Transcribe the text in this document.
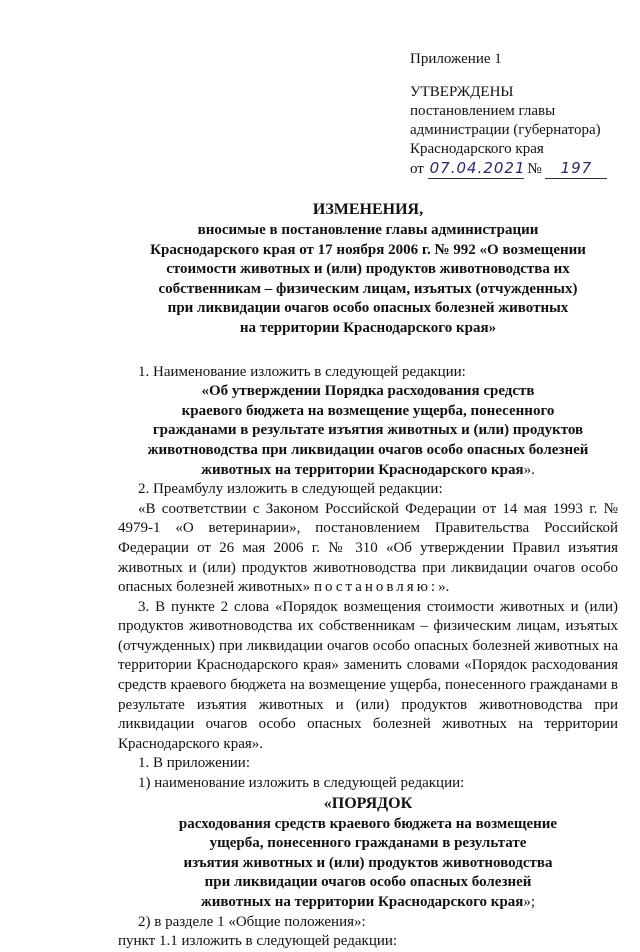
Приложение 1
УТВЕРЖДЕНЫ
постановлением главы
администрации (губернатора)
Краснодарского края
от 07.04.2021 № 197
ИЗМЕНЕНИЯ,
вносимые в постановление главы администрации
Краснодарского края от 17 ноября 2006 г. № 992 «О возмещении
стоимости животных и (или) продуктов животноводства их
собственникам – физическим лицам, изъятых (отчужденных)
при ликвидации очагов особо опасных болезней животных
на территории Краснодарского края»

1. Наименование изложить в следующей редакции:

«Об утверждении Порядка расходования средств
краевого бюджета на возмещение ущерба, понесенного
гражданами в результате изъятия животных и (или) продуктов
животноводства при ликвидации очагов особо опасных болезней
животных на территории Краснодарского края».

2. Преамбулу изложить в следующей редакции:

«В соответствии с Законом Российской Федерации от 14 мая 1993 г. № 4979-1 «О ветеринарии», постановлением Правительства Российской Федерации от 26 мая 2006 г. № 310 «Об утверждении Правил изъятия животных и (или) продуктов животноводства при ликвидации очагов особо опасных болезней животных» постановляю:».

3. В пункте 2 слова «Порядок возмещения стоимости животных и (или) продуктов животноводства их собственникам – физическим лицам, изъятых (отчужденных) при ликвидации очагов особо опасных болезней животных на территории Краснодарского края» заменить словами «Порядок расходования средств краевого бюджета на возмещение ущерба, понесенного гражданами в результате изъятия животных и (или) продуктов животноводства при ликвидации очагов особо опасных болезней животных на территории Краснодарского края».

1. В приложении:

1) наименование изложить в следующей редакции:

«ПОРЯДОК
расходования средств краевого бюджета на возмещение
ущерба, понесенного гражданами в результате
изъятия животных и (или) продуктов животноводства
при ликвидации очагов особо опасных болезней
животных на территории Краснодарского края»;

2) в разделе 1 «Общие положения»:

пункт 1.1 изложить в следующей редакции:
